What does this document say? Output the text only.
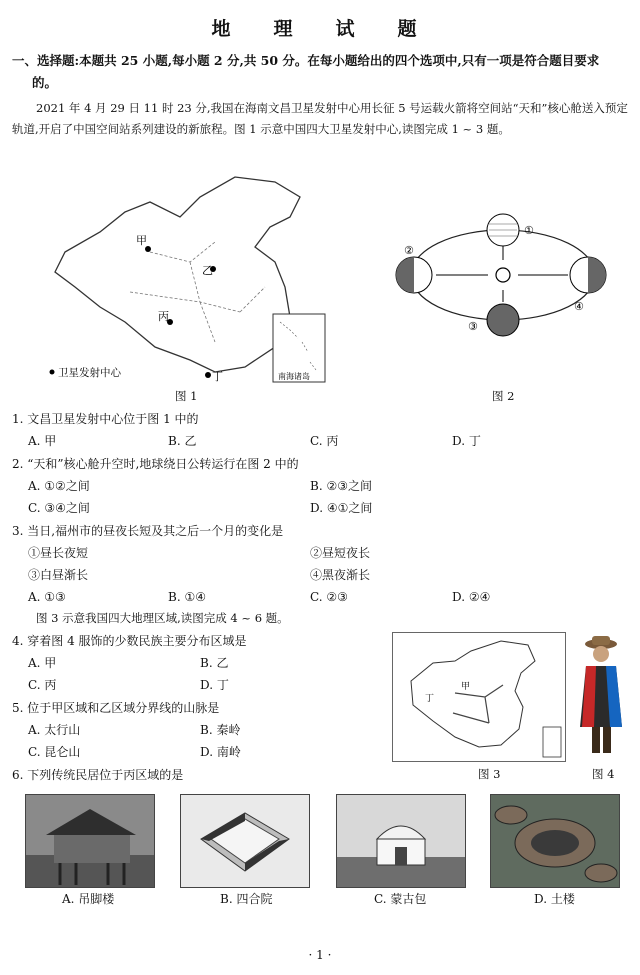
地　理　试　题
一、选择题:本题共 25 小题,每小题 2 分,共 50 分。在每小题给出的四个选项中,只有一项是符合题目要求
的。
2021 年 4 月 29 日 11 时 23 分,我国在海南文昌卫星发射中心用长征 5 号运载火箭将空间站“天和”核心舱送入预定轨道,开启了中国空间站系列建设的新旅程。图 1 示意中国四大卫星发射中心,读图完成 1 ~ 3 题。
甲
乙
丙
丁
卫星发射中心	南海诸岛
图 1
①
②
③
④
图 2
1. 文昌卫星发射中心位于图 1 中的
A. 甲	B. 乙	C. 丙	D. 丁
2. “天和”核心舱升空时,地球绕日公转运行在图 2 中的
A. ①②之间	B. ②③之间
C. ③④之间	D. ④①之间
3. 当日,福州市的昼夜长短及其之后一个月的变化是
①昼长夜短	②昼短夜长
③白昼渐长	④黑夜渐长
A. ①③	B. ①④	C. ②③	D. ②④
图 3 示意我国四大地理区域,读图完成 4 ~ 6 题。
4. 穿着图 4 服饰的少数民族主要分布区域是
A. 甲	B. 乙
C. 丙	D. 丁
5. 位于甲区域和乙区域分界线的山脉是
A. 太行山	B. 秦岭
C. 昆仑山	D. 南岭
甲
丁
图 3	图 4
6. 下列传统民居位于丙区域的是
A. 吊脚楼	B. 四合院	C. 蒙古包	D. 土楼
· 1 ·
